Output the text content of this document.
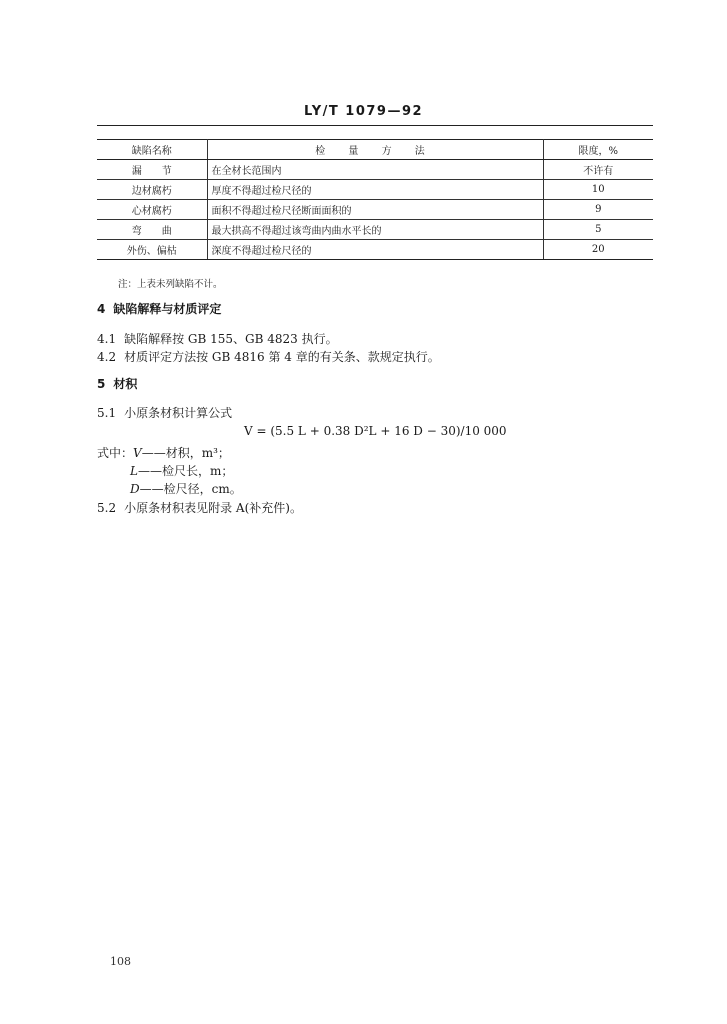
LY/T 1079—92
缺陷名称	检 量 方 法	限度，%
漏　　节	在全材长范围内	不许有
边材腐朽	厚度不得超过检尺径的	10
心材腐朽	面积不得超过检尺径断面面积的	9
弯　　曲	最大拱高不得超过该弯曲内曲水平长的	5
外伤、偏枯	深度不得超过检尺径的	20
注：上表未列缺陷不计。
4 缺陷解释与材质评定
4.1 缺陷解释按 GB 155、GB 4823 执行。
4.2 材质评定方法按 GB 4816 第 4 章的有关条、款规定执行。
5 材积
5.1 小原条材积计算公式
V = (5.5 L + 0.38 D²L + 16 D − 30)/10 000
式中：V——材积，m³；
L——检尺长，m；
D——检尺径，cm。
5.2 小原条材积表见附录 A(补充件)。
108
